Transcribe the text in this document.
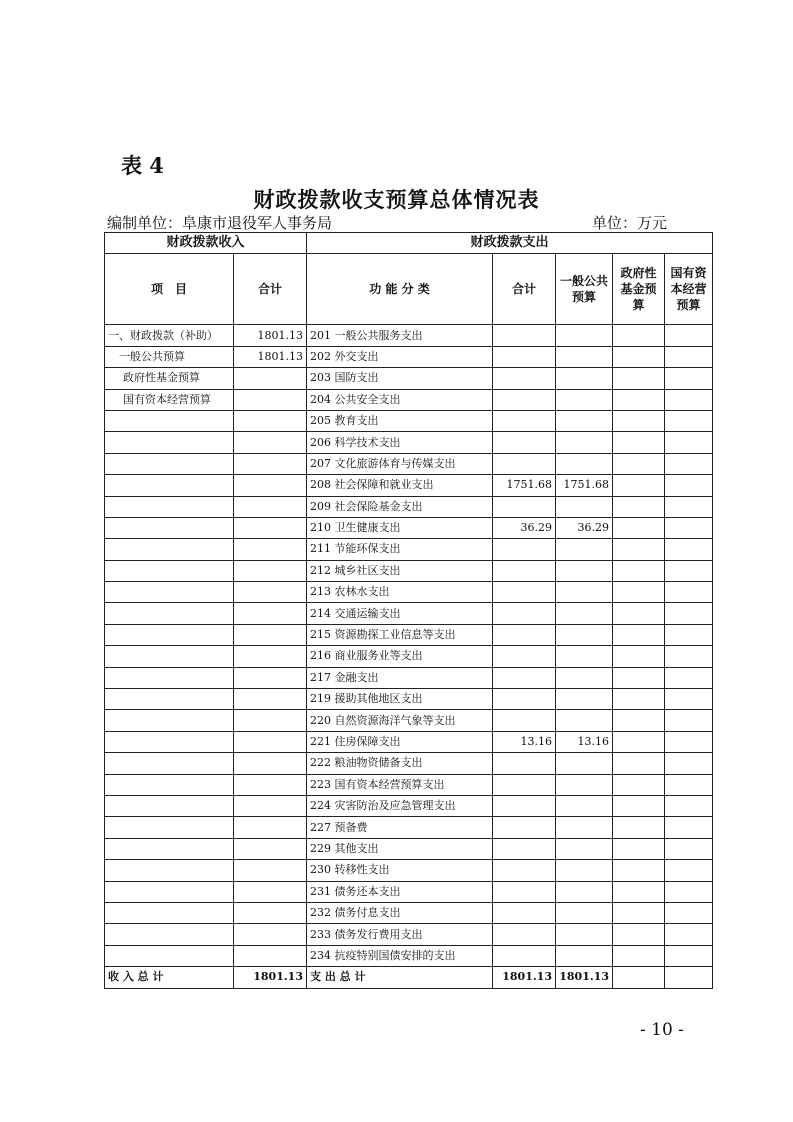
表 4
财政拨款收支预算总体情况表
编制单位：阜康市退役军人事务局	单位：万元
财政拨款收入		财政拨款支出				
项　目	合计	功 能 分 类	合计	一般公共预算	政府性基金预算	国有资本经营预算
一、财政拨款（补助）	1801.13	201 一般公共服务支出				
一般公共预算	1801.13	202 外交支出				
政府性基金预算		203 国防支出				
国有资本经营预算		204 公共安全支出				
		205 教育支出				
		206 科学技术支出				
		207 文化旅游体育与传媒支出				
		208 社会保障和就业支出	1751.68	1751.68		
		209 社会保险基金支出				
		210 卫生健康支出	36.29	36.29		
		211 节能环保支出				
		212 城乡社区支出				
		213 农林水支出				
		214 交通运输支出				
		215 资源勘探工业信息等支出				
		216 商业服务业等支出				
		217 金融支出				
		219 援助其他地区支出				
		220 自然资源海洋气象等支出				
		221 住房保障支出	13.16	13.16		
		222 粮油物资储备支出				
		223 国有资本经营预算支出				
		224 灾害防治及应急管理支出				
		227 预备费				
		229 其他支出				
		230 转移性支出				
		231 债务还本支出				
		232 债务付息支出				
		233 债务发行费用支出				
		234 抗疫特别国债安排的支出				
收 入 总 计	1801.13	支 出 总 计	1801.13	1801.13		
- 10 -
